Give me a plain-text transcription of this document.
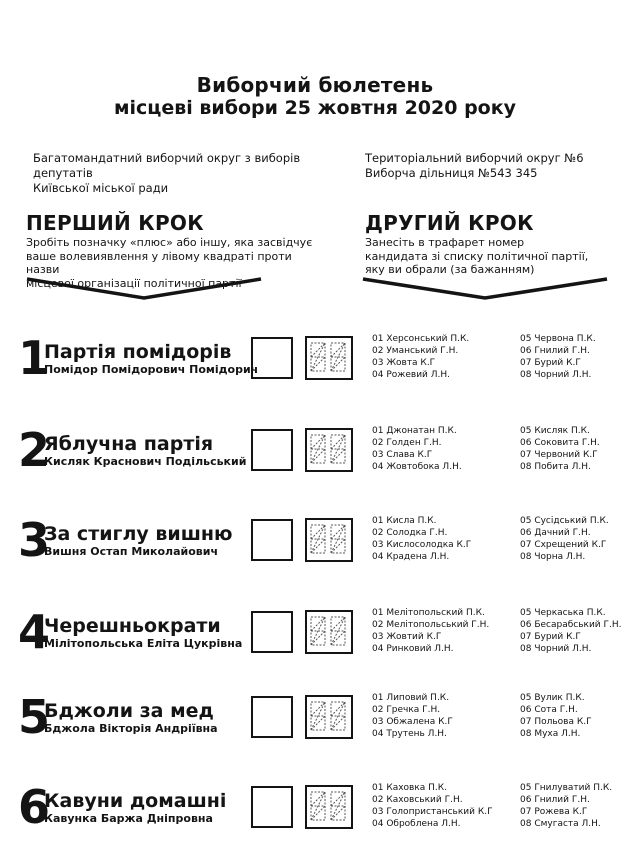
Виборчий бюлетень
місцеві вибори 25 жовтня 2020 року
Багатомандатний виборчий округ з виборів депутатів
Київської міської ради
Територіальний виборчий округ №6
Виборча дільниця №543 345
ПЕРШИЙ КРОК
Зробіть позначку «плюс» або іншу, яка засвідчує
ваше волевиявлення у лівому квадраті проти назви
місцевої організації політичної партії
ДРУГИЙ КРОК
Занесіть в трафарет номер
кандидата зі списку політичної партії,
яку ви обрали (за бажанням)
1
Партія помідорів
Помідор Помідорович Помідорич
01 Херсонський П.К.
02 Уманський Г.Н.
03 Жовта К.Г
04 Рожевий Л.Н.
05 Червона П.К.
06 Гнилий Г.Н.
07 Бурий К.Г
08 Чорний Л.Н.
2
Яблучна партія
Кисляк Краснович Подільський
01 Джонатан П.К.
02 Голден Г.Н.
03 Слава К.Г
04 Жовтобока Л.Н.
05 Кисляк П.К.
06 Соковита Г.Н.
07 Червоний К.Г
08 Побита Л.Н.
3
За стиглу вишню
Вишня Остап Миколайович
01 Кисла П.К.
02 Солодка Г.Н.
03 Кислосолодка К.Г
04 Крадена Л.Н.
05 Сусідський П.К.
06 Дачний Г.Н.
07 Схрещений К.Г
08 Чорна Л.Н.
4
Черешньократи
Мілітопольська Еліта Цукрівна
01 Мелітопольский П.К.
02 Мелітопольський Г.Н.
03 Жовтий К.Г
04 Ринковий Л.Н.
05 Черкаська П.К.
06 Бесарабський Г.Н.
07 Бурий К.Г
08 Чорний Л.Н.
5
Бджоли за мед
Бджола Вікторія Андріївна
01 Липовий П.К.
02 Гречка Г.Н.
03 Обжалена К.Г
04 Трутень Л.Н.
05 Вулик П.К.
06 Сота Г.Н.
07 Польова К.Г
08 Муха Л.Н.
6
Кавуни домашні
Кавунка Баржа Дніпровна
01 Каховка П.К.
02 Каховський Г.Н.
03 Голопристанський К.Г
04 Оброблена Л.Н.
05 Гнилуватий П.К.
06 Гнилий Г.Н.
07 Рожева К.Г
08 Смугаста Л.Н.
